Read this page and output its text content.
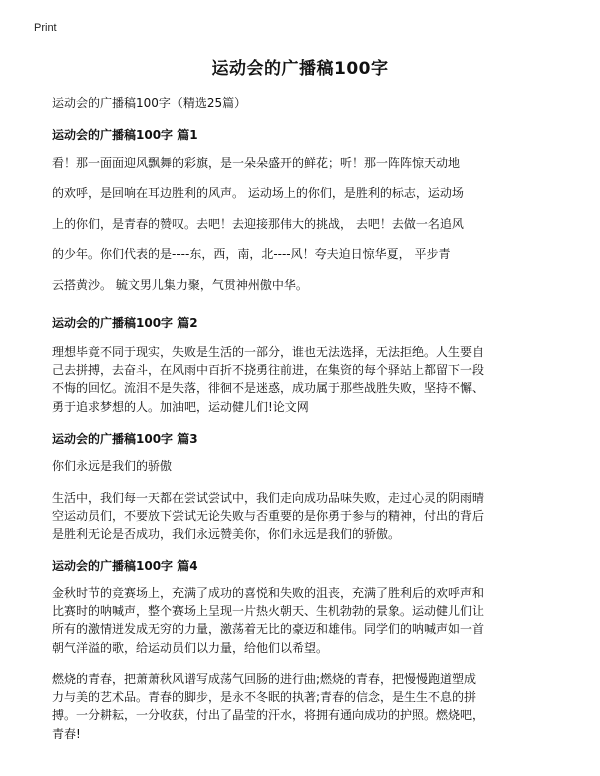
Print
运动会的广播稿100字
运动会的广播稿100字（精选25篇）
运动会的广播稿100字 篇1
看！那一面面迎风飘舞的彩旗，是一朵朵盛开的鲜花；听！那一阵阵惊天动地
的欢呼，是回响在耳边胜利的风声。 运动场上的你们，是胜利的标志，运动场
上的你们，是青春的赞叹。去吧！去迎接那伟大的挑战， 去吧！去做一名追风
的少年。你们代表的是----东，西，南，北----风！夸夫迫日惊华夏， 平步青
云搭黄沙。 毓文男儿集力聚，气贯神州傲中华。
运动会的广播稿100字 篇2
理想毕竟不同于现实，失败是生活的一部分，谁也无法选择，无法拒绝。人生要自
己去拼搏，去奋斗，在风雨中百折不挠勇往前进，在集资的每个驿站上都留下一段
不悔的回忆。流泪不是失落，徘徊不是迷惑，成功属于那些战胜失败，坚持不懈、
勇于追求梦想的人。加油吧，运动健儿们!论文网
运动会的广播稿100字 篇3
你们永远是我们的骄傲
生活中，我们每一天都在尝试尝试中，我们走向成功品味失败，走过心灵的阴雨晴
空运动员们，不要放下尝试无论失败与否重要的是你勇于参与的精神，付出的背后
是胜利无论是否成功，我们永远赞美你，你们永远是我们的骄傲。
运动会的广播稿100字 篇4
金秋时节的竞赛场上，充满了成功的喜悦和失败的沮丧，充满了胜利后的欢呼声和
比赛时的呐喊声，整个赛场上呈现一片热火朝天、生机勃勃的景象。运动健儿们让
所有的激情迸发成无穷的力量，激荡着无比的豪迈和雄伟。同学们的呐喊声如一首
朝气洋溢的歌，给运动员们以力量，给他们以希望。
燃烧的青春，把萧萧秋风谱写成荡气回肠的进行曲;燃烧的青春，把慢慢跑道塑成
力与美的艺术品。青春的脚步，是永不冬眠的执著;青春的信念，是生生不息的拼
搏。一分耕耘，一分收获，付出了晶莹的汗水，将拥有通向成功的护照。燃烧吧，
青春!
